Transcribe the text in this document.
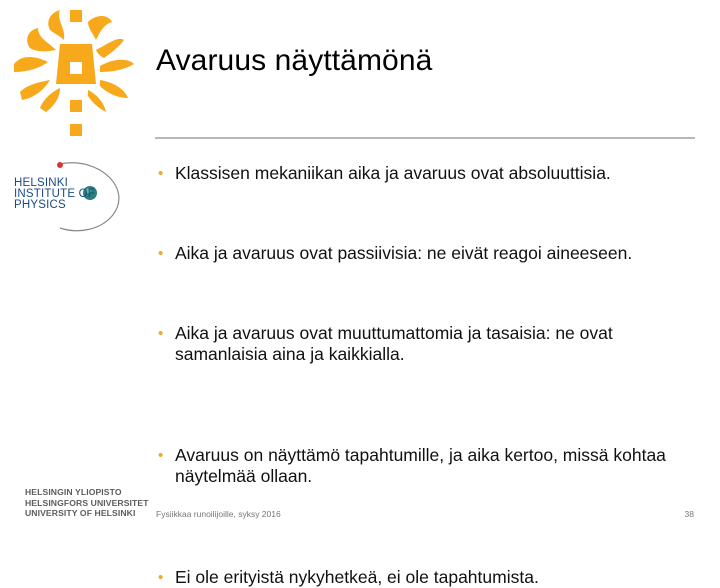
HELSINKI
INSTITUTE OF
PHYSICS
Avaruus näyttämönä
• Klassisen mekaniikan aika ja avaruus ovat absoluuttisia.
• Aika ja avaruus ovat passiivisia: ne eivät reagoi aineeseen.
• Aika ja avaruus ovat muuttumattomia ja tasaisia: ne ovat samanlaisia aina ja kaikkialla.
• Avaruus on näyttämö tapahtumille, ja aika kertoo, missä kohtaa näytelmää ollaan.
• Ei ole erityistä nykyhetkeä, ei ole tapahtumista.
HELSINGIN YLIOPISTO
HELSINGFORS UNIVERSITET
UNIVERSITY OF HELSINKI	Fysiikkaa runoilijoille, syksy 2016	38
